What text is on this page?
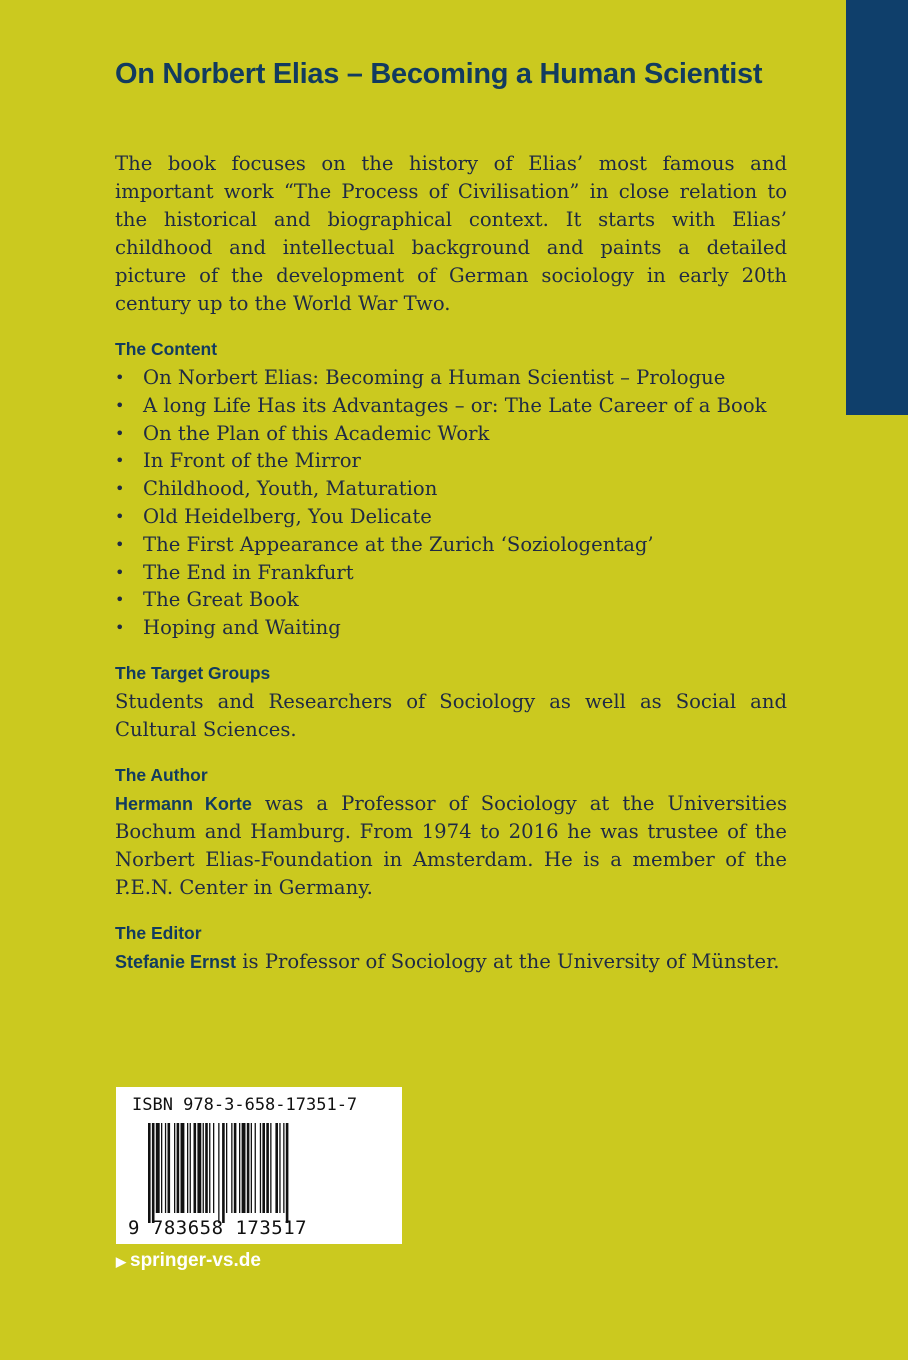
On Norbert Elias – Becoming a Human Scientist

The book focuses on the history of Elias’ most famous and important work “The Process of Civilisation” in close relation to the historical and biographical context. It starts with Elias’ childhood and intellectual background and paints a detailed picture of the development of German sociology in early 20th century up to the World War Two.

The Content
• On Norbert Elias: Becoming a Human Scientist – Prologue
• A long Life Has its Advantages – or: The Late Career of a Book
• On the Plan of this Academic Work
• In Front of the Mirror
• Childhood, Youth, Maturation
• Old Heidelberg, You Delicate
• The First Appearance at the Zurich ‘Soziologentag’
• The End in Frankfurt
• The Great Book
• Hoping and Waiting
The Target Groups

Students and Researchers of Sociology as well as Social and Cultural Sciences.

The Author

Hermann Korte was a Professor of Sociology at the Universities Bochum and Hamburg. From 1974 to 2016 he was trustee of the Norbert Elias-Foundation in Amsterdam. He is a member of the P.E.N. Center in Germany.

The Editor

Stefanie Ernst is Professor of Sociology at the University of Münster.

ISBN 978-3-658-17351-7
9 783658 173517
▶ springer-vs.de
